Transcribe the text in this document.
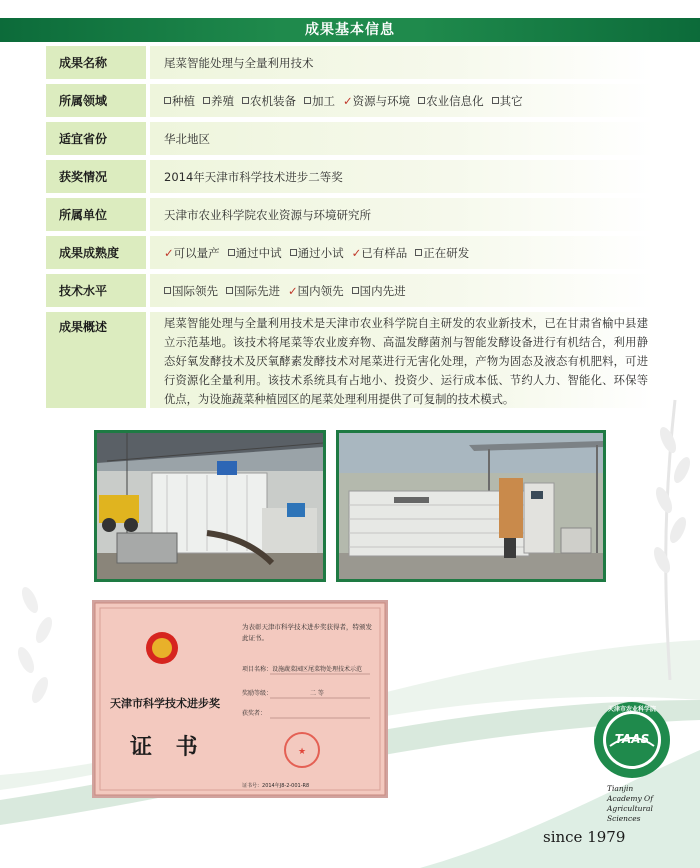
成果基本信息
成果名称	尾菜智能处理与全量利用技术
所属领域	种植	养殖	农机装备	加工 ✓资源与环境	农业信息化	其它
适宜省份	华北地区
获奖情况	2014年天津市科学技术进步二等奖
所属单位	天津市农业科学院农业资源与环境研究所
成果成熟度	✓可以量产	通过中试	通过小试 ✓已有样品	正在研发
技术水平	国际领先	国际先进 ✓国内领先	国内先进
成果概述	尾菜智能处理与全量利用技术是天津市农业科学院自主研发的农业新技术，已在甘肃省榆中县建立示范基地。该技术将尾菜等农业废弃物、高温发酵菌剂与智能发酵设备进行有机结合，利用静态好氧发酵技术及厌氧酵素发酵技术对尾菜进行无害化处理，产物为固态及液态有机肥料，可进行资源化全量利用。该技术系统具有占地小、投资少、运行成本低、节约人力、智能化、环保等优点，为设施蔬菜种植园区的尾菜处理利用提供了可复制的技术模式。
★
天津市科学技术进步奖
证 书
为表彰天津市科学技术进步奖获得者，特颁发此证书。
项目名称：设施蔬菜园区尾菜物处理技术示范
奖励等级：	二 等
获奖者：
证书号：2014年J8-2-001-R8
天津市农业科学院
TAAS
Tianjin
Academy Of
Agricultural
Sciences
since 1979
